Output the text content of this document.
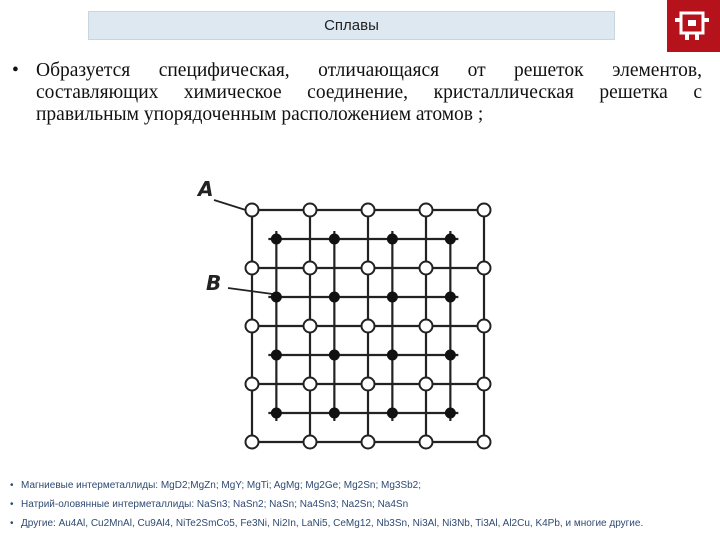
Сплавы
• Образуется специфическая, отличающаяся от решеток элементов, составляющих химическое соединение, кристаллическая решетка с правильным упорядоченным расположением атомов ;
A
B
• Магниевые интерметаллиды: MgD2;MgZn; MgY; MgTi; AgMg; Mg2Ge; Mg2Sn; Mg3Sb2;
• Натрий-оловянные интерметаллиды: NaSn3; NaSn2; NaSn; Na4Sn3; Na2Sn; Na4Sn
• Другие: Au4Al, Cu2MnAl, Cu9Al4, NiTe2SmCo5, Fe3Ni, Ni2In, LaNi5, CeMg12, Nb3Sn, Ni3Al, Ni3Nb, Ti3Al, Al2Cu, K4Pb, и многие другие.
